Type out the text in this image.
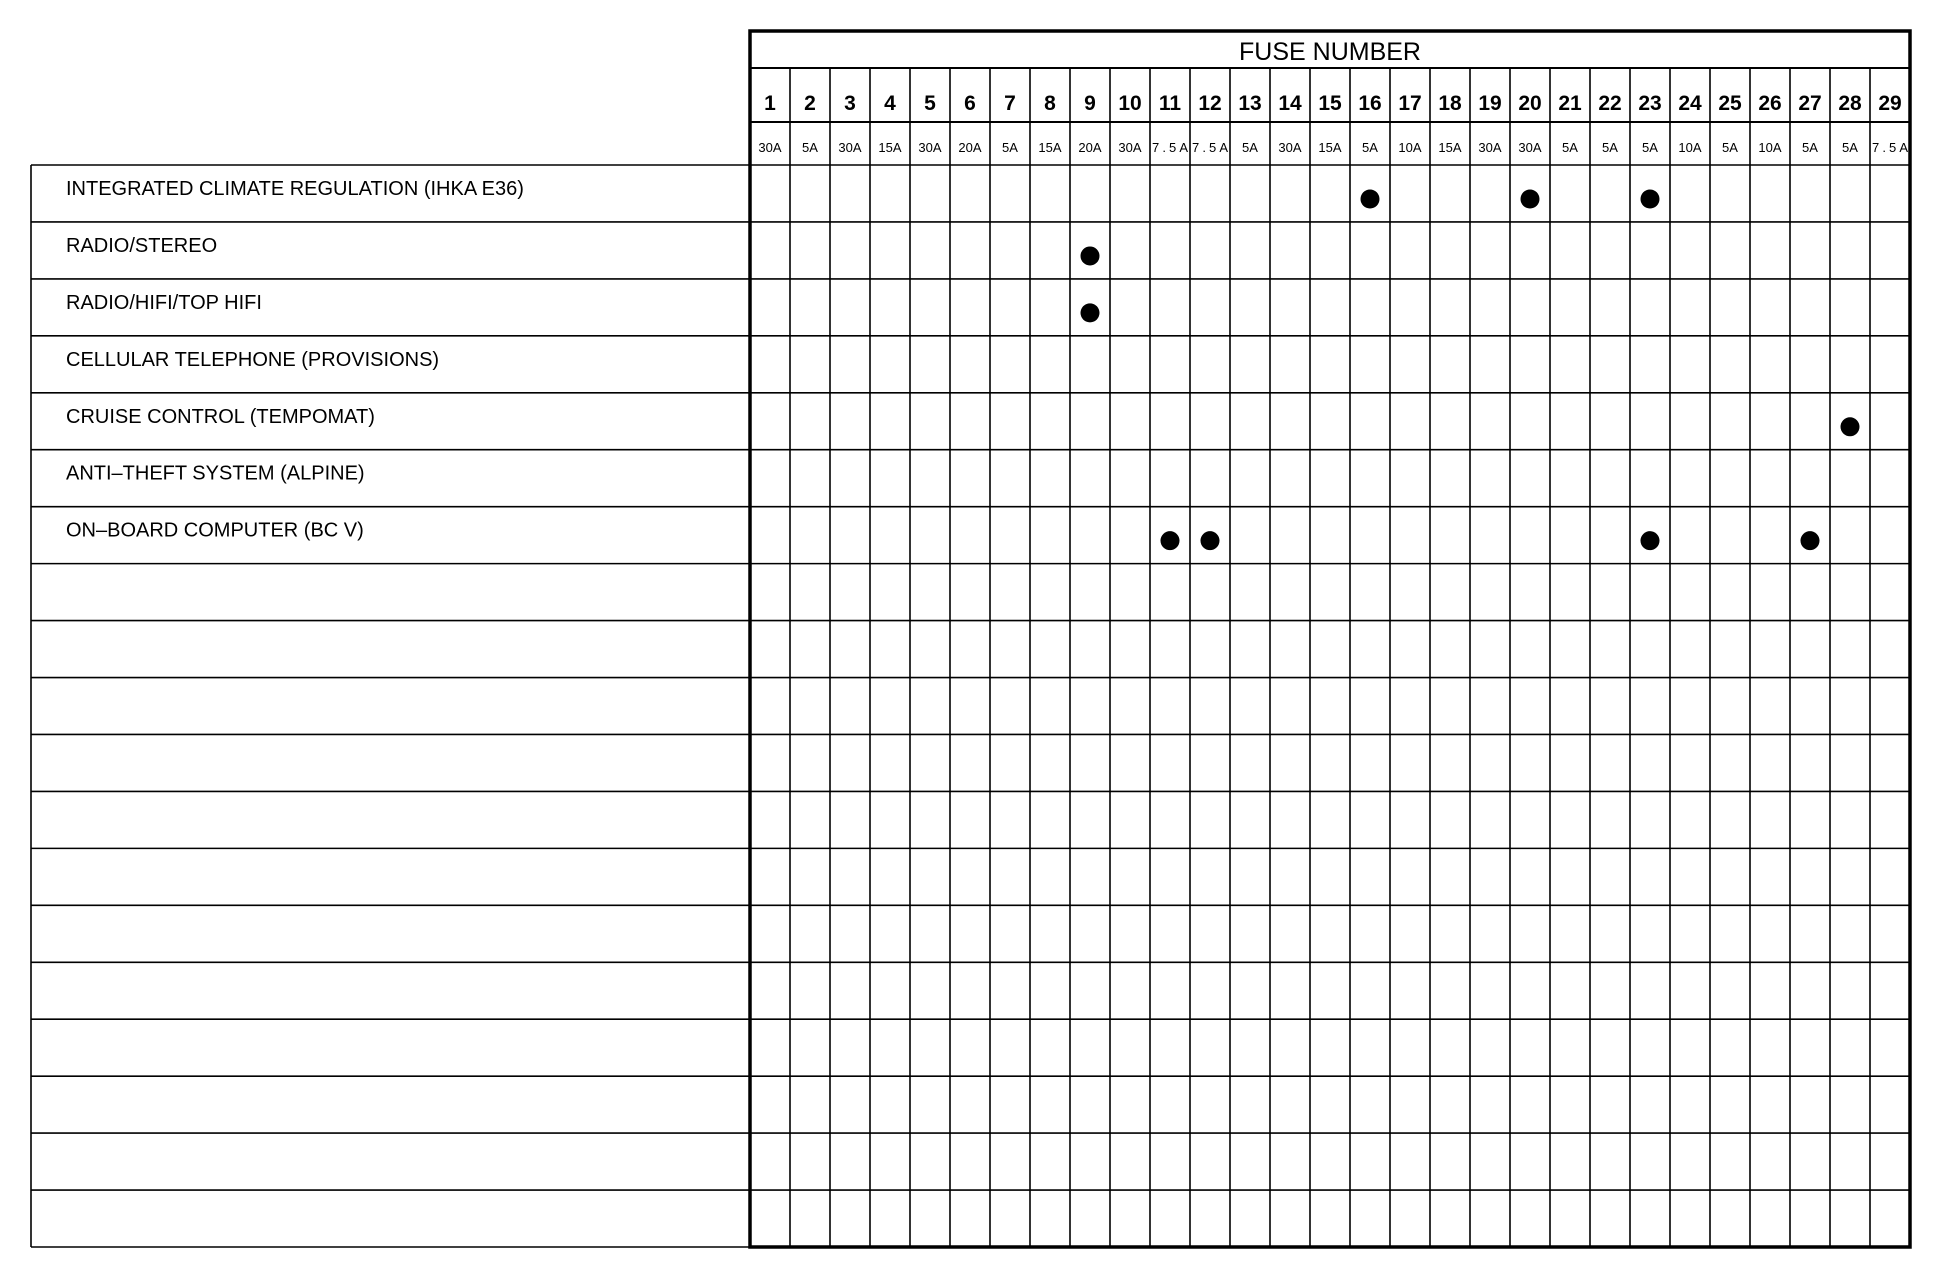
FUSE NUMBER
1
30A
2
5A
3
30A
4
15A
5
30A
6
20A
7
5A
8
15A
9
20A
10
30A
11
7.5A
12
7.5A
13
5A
14
30A
15
15A
16
5A
17
10A
18
15A
19
30A
20
30A
21
5A
22
5A
23
5A
24
10A
25
5A
26
10A
27
5A
28
5A
29
7.5A
INTEGRATED CLIMATE REGULATION (IHKA E36)
RADIO/STEREO
RADIO/HIFI/TOP HIFI
CELLULAR TELEPHONE (PROVISIONS)
CRUISE CONTROL (TEMPOMAT)
ANTI–THEFT SYSTEM (ALPINE)
ON–BOARD COMPUTER (BC V)
